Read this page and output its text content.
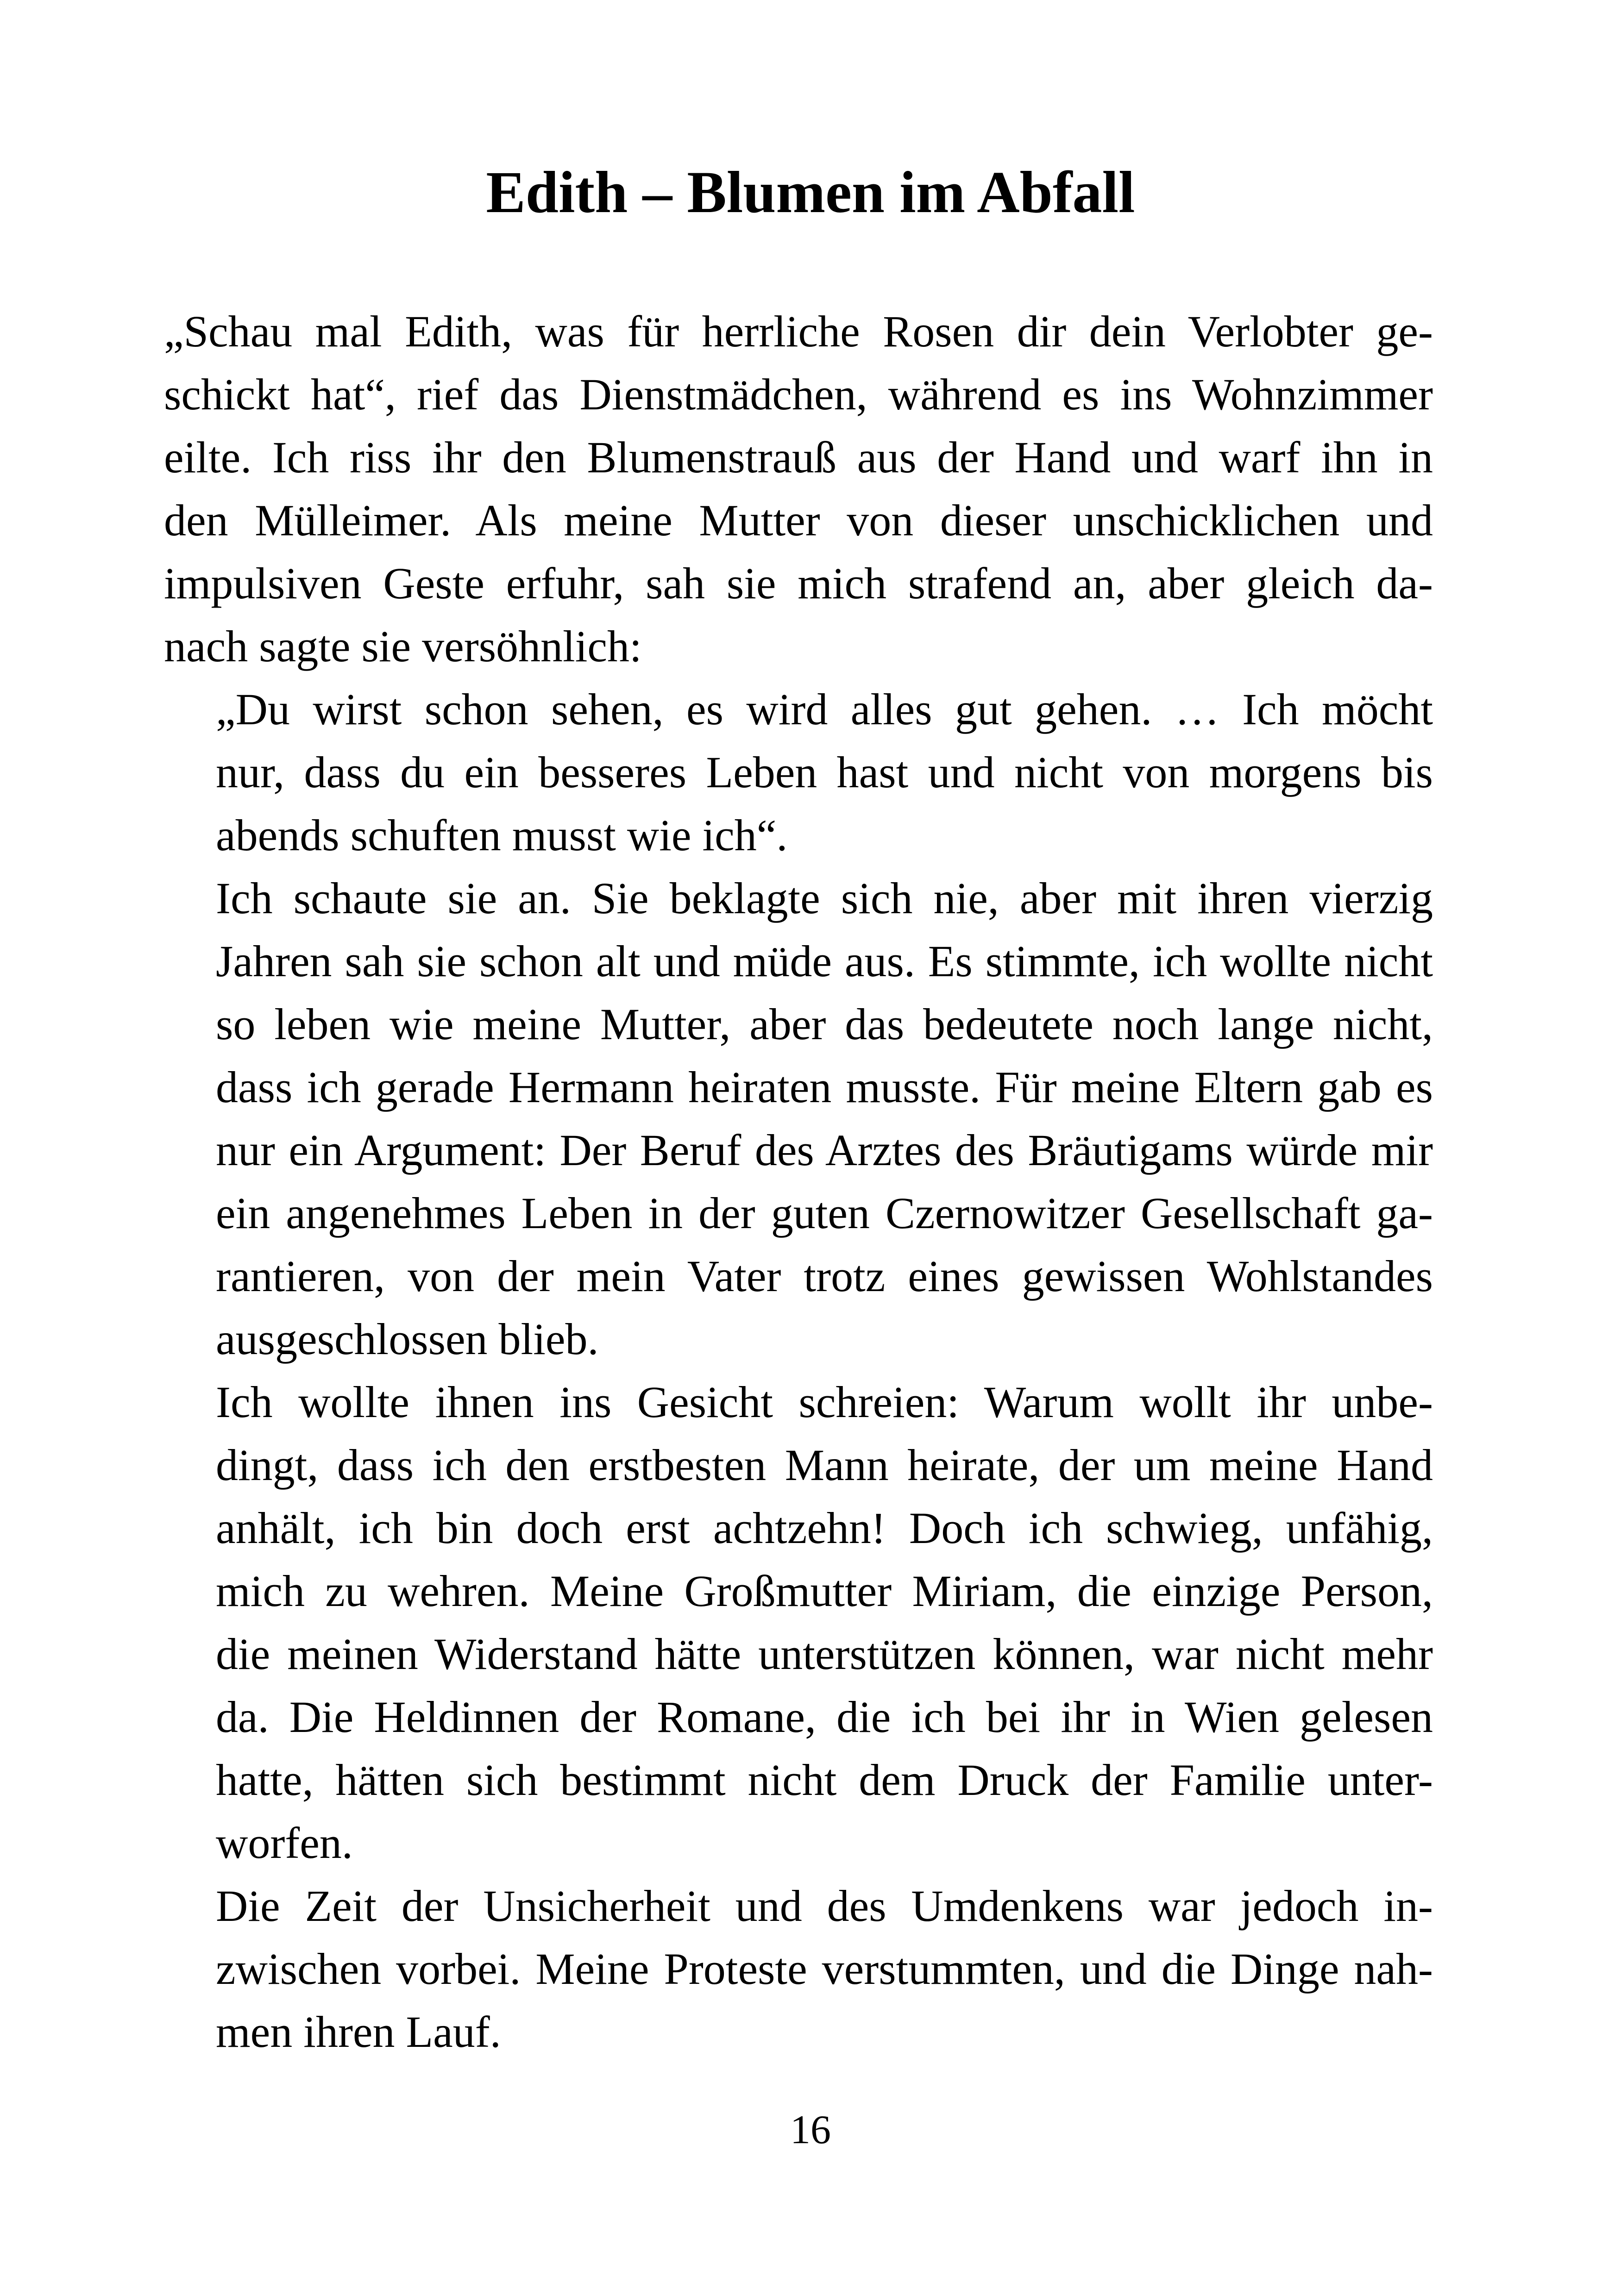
Edith – Blumen im Abfall

„Schau mal Edith, was für herrliche Rosen dir dein Verlobter ge-
schickt hat“, rief das Dienstmädchen, während es ins Wohnzimmer
eilte. Ich riss ihr den Blumenstrauß aus der Hand und warf ihn in
den Mülleimer. Als meine Mutter von dieser unschicklichen und
impulsiven Geste erfuhr, sah sie mich strafend an, aber gleich da-
nach sagte sie versöhnlich:

„Du wirst schon sehen, es wird alles gut gehen. … Ich möcht
nur, dass du ein besseres Leben hast und nicht von morgens bis
abends schuften musst wie ich“.

Ich schaute sie an. Sie beklagte sich nie, aber mit ihren vierzig
Jahren sah sie schon alt und müde aus. Es stimmte, ich wollte nicht
so leben wie meine Mutter, aber das bedeutete noch lange nicht,
dass ich gerade Hermann heiraten musste. Für meine Eltern gab es
nur ein Argument: Der Beruf des Arztes des Bräutigams würde mir
ein angenehmes Leben in der guten Czernowitzer Gesellschaft ga-
rantieren, von der mein Vater trotz eines gewissen Wohlstandes
ausgeschlossen blieb.

Ich wollte ihnen ins Gesicht schreien: Warum wollt ihr unbe-
dingt, dass ich den erstbesten Mann heirate, der um meine Hand
anhält, ich bin doch erst achtzehn! Doch ich schwieg, unfähig,
mich zu wehren. Meine Großmutter Miriam, die einzige Person,
die meinen Widerstand hätte unterstützen können, war nicht mehr
da. Die Heldinnen der Romane, die ich bei ihr in Wien gelesen
hatte, hätten sich bestimmt nicht dem Druck der Familie unter-
worfen.

Die Zeit der Unsicherheit und des Umdenkens war jedoch in-
zwischen vorbei. Meine Proteste verstummten, und die Dinge nah-
men ihren Lauf.

16
